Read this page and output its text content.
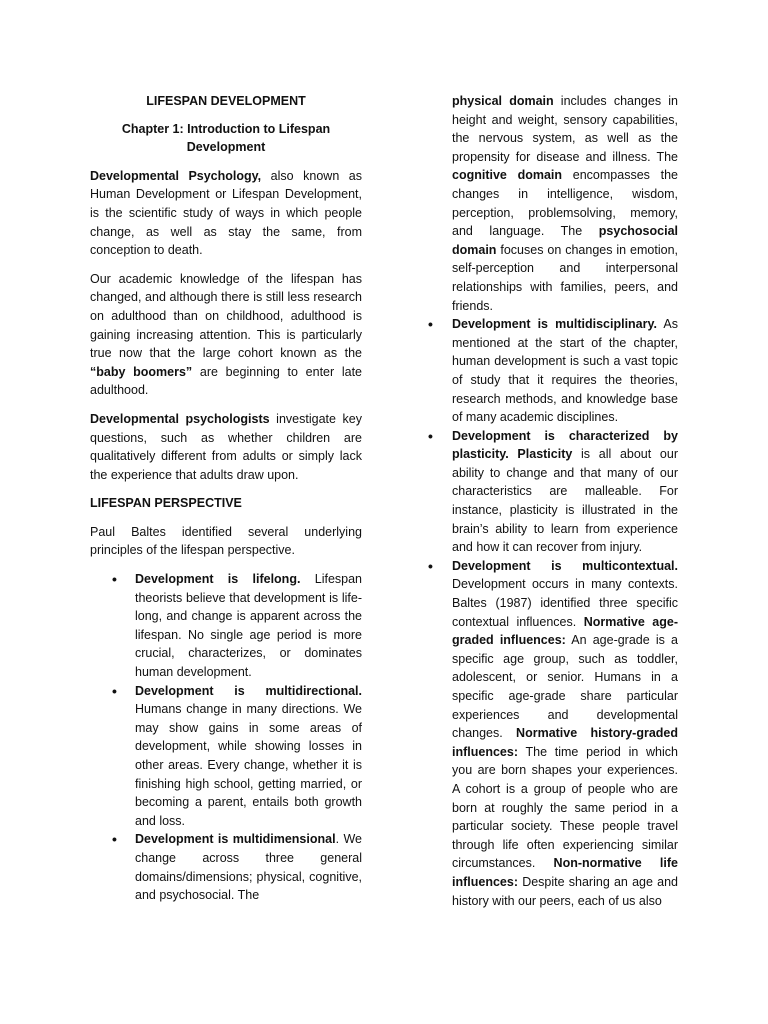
LIFESPAN DEVELOPMENT

Chapter 1: Introduction to Lifespan
Development

Developmental Psychology, also known as Human Development or Lifespan Development, is the scientific study of ways in which people change, as well as stay the same, from conception to death.

Our academic knowledge of the lifespan has changed, and although there is still less research on adulthood than on childhood, adulthood is gaining increasing attention. This is particularly true now that the large cohort known as the “baby boomers” are beginning to enter late adulthood.

Developmental psychologists investigate key questions, such as whether children are qualitatively different from adults or simply lack the experience that adults draw upon.

LIFESPAN PERSPECTIVE

Paul Baltes identified several underlying principles of the lifespan perspective.

• Development is lifelong. Lifespan theorists believe that development is life-long, and change is apparent across the lifespan. No single age period is more crucial, characterizes, or dominates human development.
• Development is multidirectional. Humans change in many directions. We may show gains in some areas of development, while showing losses in other areas. Every change, whether it is finishing high school, getting married, or becoming a parent, entails both growth and loss.
• Development is multidimensional. We change across three general domains/dimensions; physical, cognitive, and psychosocial. The

physical domain includes changes in height and weight, sensory capabilities, the nervous system, as well as the propensity for disease and illness. The cognitive domain encompasses the changes in intelligence, wisdom, perception, problemsolving, memory, and language. The psychosocial domain focuses on changes in emotion, self-perception and interpersonal relationships with families, peers, and friends.

• Development is multidisciplinary. As mentioned at the start of the chapter, human development is such a vast topic of study that it requires the theories, research methods, and knowledge base of many academic disciplines.
• Development is characterized by plasticity. Plasticity is all about our ability to change and that many of our characteristics are malleable. For instance, plasticity is illustrated in the brain’s ability to learn from experience and how it can recover from injury.
• Development is multicontextual. Development occurs in many contexts. Baltes (1987) identified three specific contextual influences. Normative age-graded influences: An age-grade is a specific age group, such as toddler, adolescent, or senior. Humans in a specific age-grade share particular experiences and developmental changes. Normative history-graded influences: The time period in which you are born shapes your experiences. A cohort is a group of people who are born at roughly the same period in a particular society. These people travel through life often experiencing similar circumstances. Non-normative life influences: Despite sharing an age and history with our peers, each of us also
